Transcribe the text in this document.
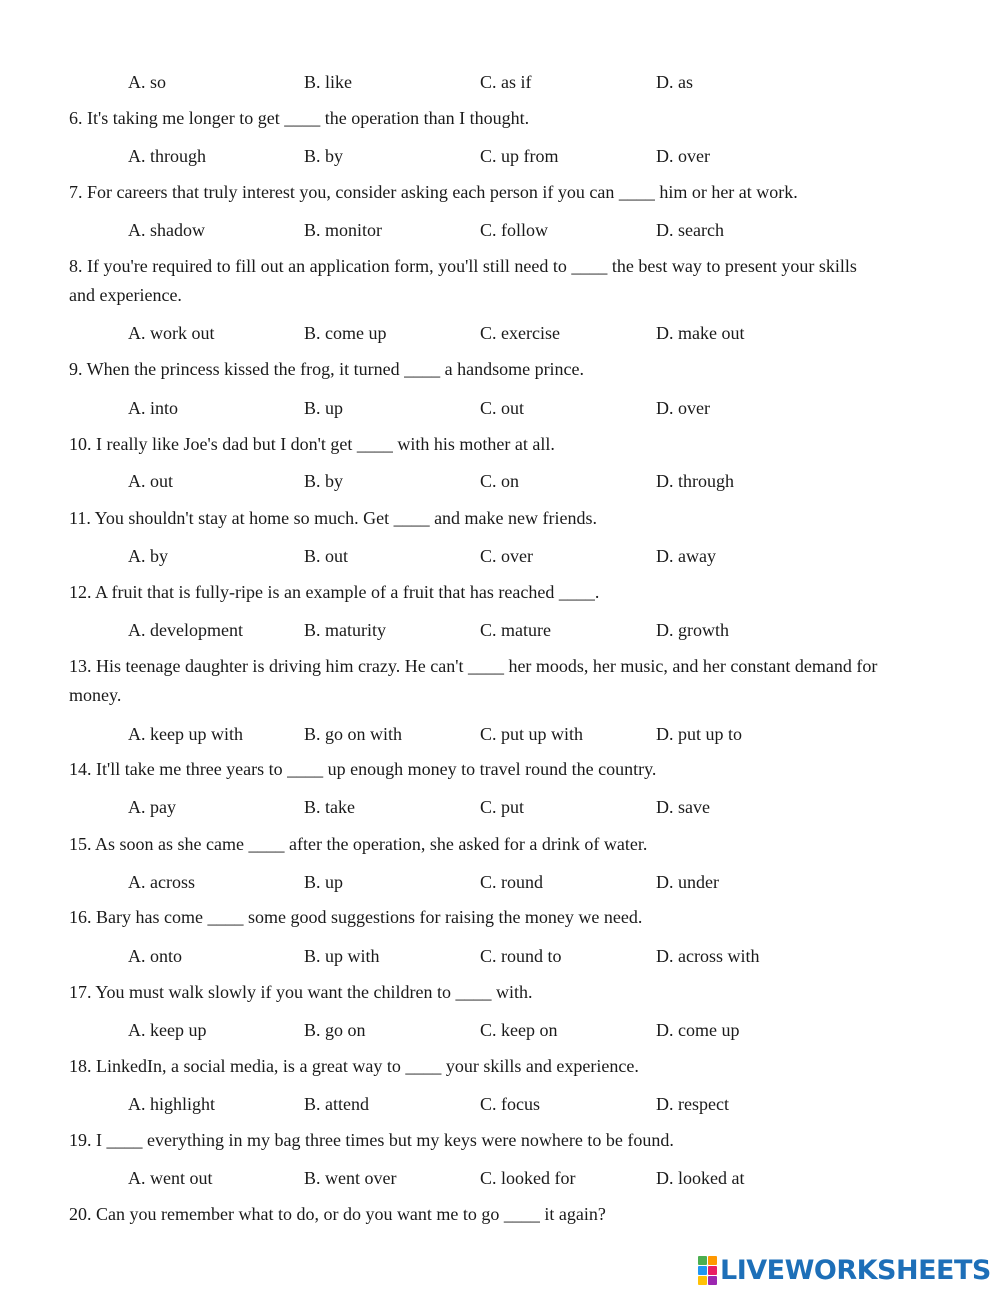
A. so	B. like	C. as if	D. as
6. It's taking me longer to get ____ the operation than I thought.
A. through	B. by	C. up from	D. over
7. For careers that truly interest you, consider asking each person if you can ____ him or her at work.
A. shadow	B. monitor	C. follow	D. search
8. If you're required to fill out an application form, you'll still need to ____ the best way to present your skills
and experience.
A. work out	B. come up	C. exercise	D. make out
9. When the princess kissed the frog, it turned ____ a handsome prince.
A. into	B. up	C. out	D. over
10. I really like Joe's dad but I don't get ____ with his mother at all.
A. out	B. by	C. on	D. through
11. You shouldn't stay at home so much. Get ____ and make new friends.
A. by	B. out	C. over	D. away
12. A fruit that is fully-ripe is an example of a fruit that has reached ____.
A. development	B. maturity	C. mature	D. growth
13. His teenage daughter is driving him crazy. He can't ____ her moods, her music, and her constant demand for
money.
A. keep up with	B. go on with	C. put up with	D. put up to
14. It'll take me three years to ____ up enough money to travel round the country.
A. pay	B. take	C. put	D. save
15. As soon as she came ____ after the operation, she asked for a drink of water.
A. across	B. up	C. round	D. under
16. Bary has come ____ some good suggestions for raising the money we need.
A. onto	B. up with	C. round to	D. across with
17. You must walk slowly if you want the children to ____ with.
A. keep up	B. go on	C. keep on	D. come up
18. LinkedIn, a social media, is a great way to ____ your skills and experience.
A. highlight	B. attend	C. focus	D. respect
19. I ____ everything in my bag three times but my keys were nowhere to be found.
A. went out	B. went over	C. looked for	D. looked at
20. Can you remember what to do, or do you want me to go ____ it again?
LIVEWORKSHEETS
